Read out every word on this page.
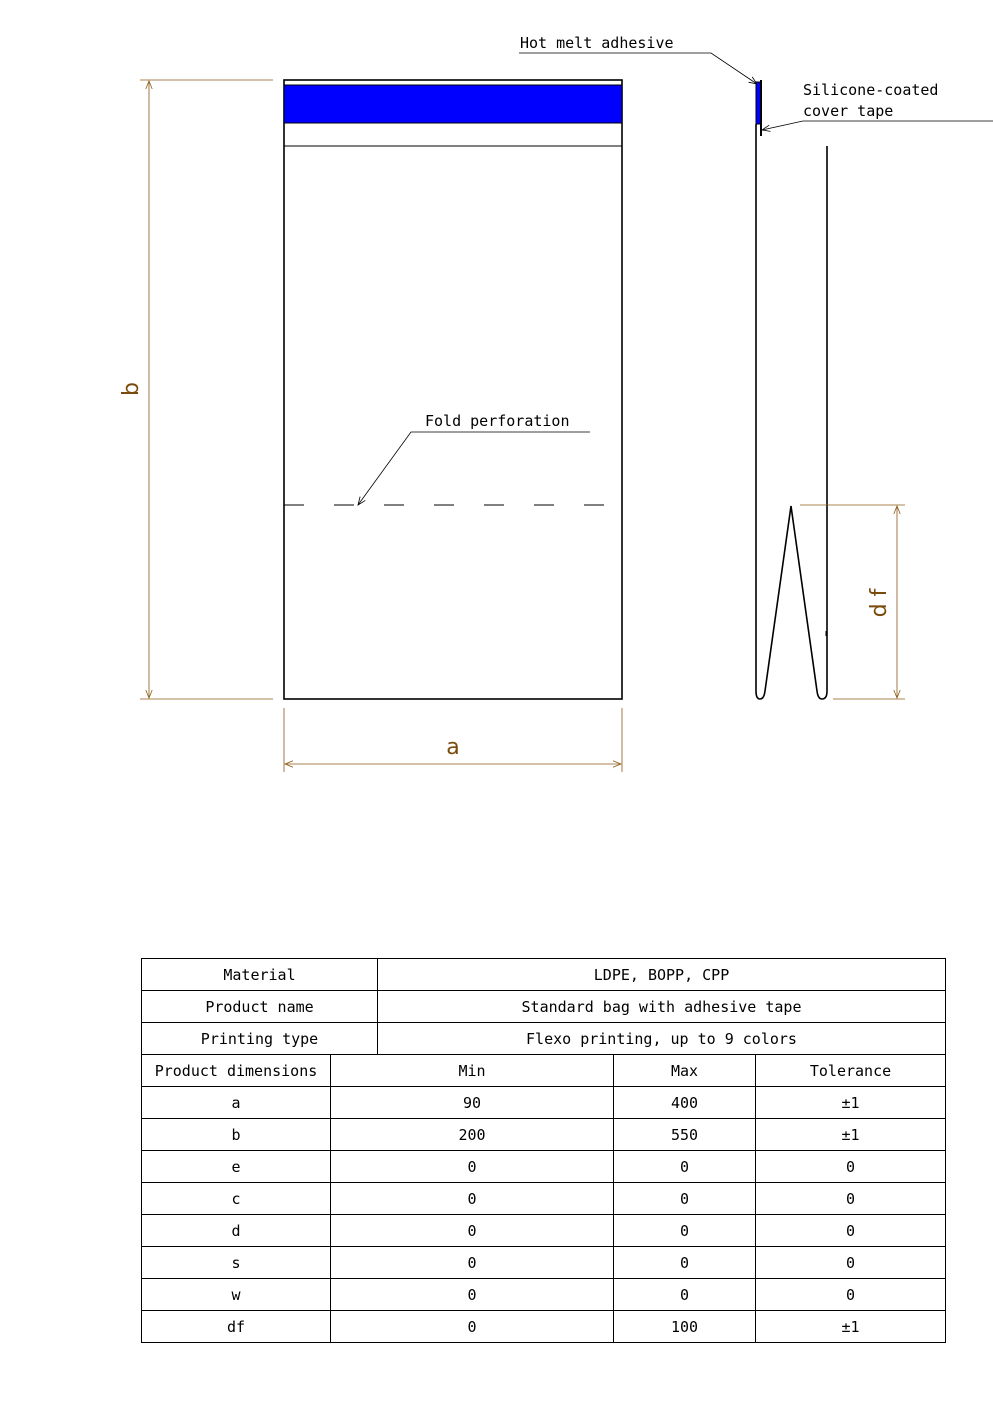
Fold perforation
b
a
Hot melt adhesive
Silicone-coated
cover tape
d f
Material		LDPE, BOPP, CPP		
Product name		Standard bag with adhesive tape		
Printing type		Flexo printing, up to 9 colors		
Product dimensions	Min		Max	Tolerance
a	90		400	±1
b	200		550	±1
e	0		0	0
c	0		0	0
d	0		0	0
s	0		0	0
w	0		0	0
df	0		100	±1
